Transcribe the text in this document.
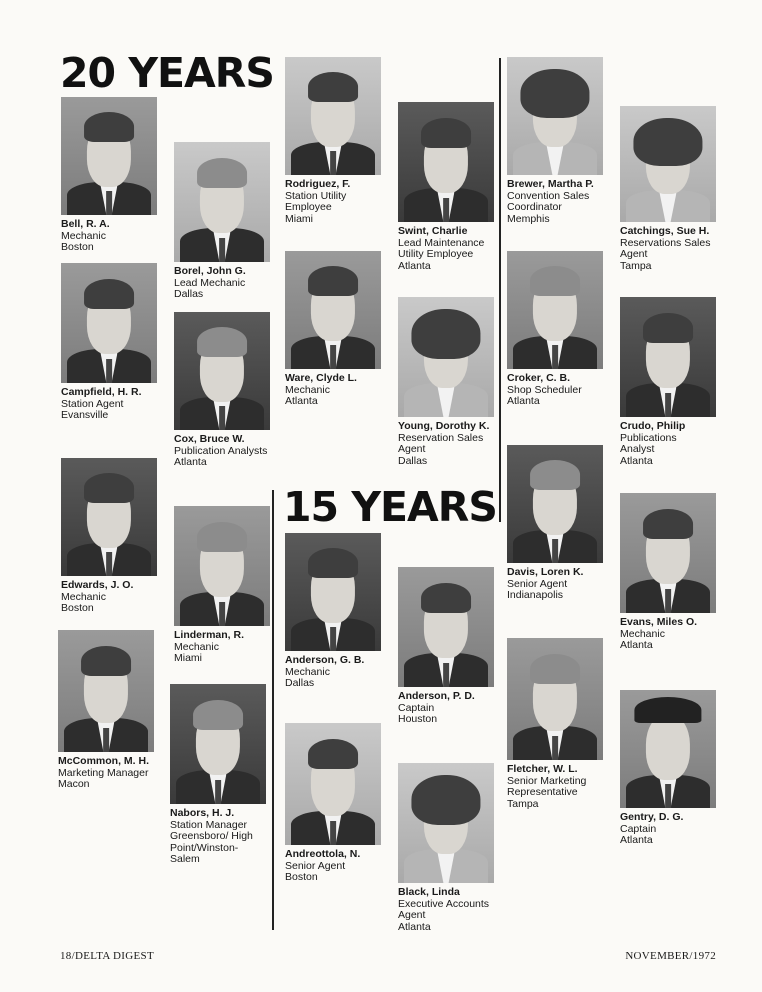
20 YEARS
15 YEARS
Bell, R. A.
Mechanic
Boston
Borel, John G.
Lead Mechanic
Dallas
Rodriguez, F.
Station Utility
Employee
Miami
Swint, Charlie
Lead Maintenance
Utility Employee
Atlanta
Brewer, Martha P.
Convention Sales
Coordinator
Memphis
Catchings, Sue H.
Reservations Sales
Agent
Tampa
Campfield, H. R.
Station Agent
Evansville
Cox, Bruce W.
Publication Analysts
Atlanta
Ware, Clyde L.
Mechanic
Atlanta
Young, Dorothy K.
Reservation Sales
Agent
Dallas
Croker, C. B.
Shop Scheduler
Atlanta
Crudo, Philip
Publications
Analyst
Atlanta
Edwards, J. O.
Mechanic
Boston
Linderman, R.
Mechanic
Miami	Anderson, G. B.
Mechanic
Dallas
Anderson, P. D.
Captain
Houston
Davis, Loren K.
Senior Agent
Indianapolis
Evans, Miles O.
Mechanic
Atlanta
McCommon, M. H.
Marketing Manager
Macon
Nabors, H. J.
Station Manager
Greensboro/ High
Point/Winston-
Salem	Andreottola, N.
Senior Agent
Boston
Black, Linda
Executive Accounts
Agent
Atlanta
Fletcher, W. L.
Senior Marketing
Representative
Tampa
Gentry, D. G.
Captain
Atlanta
18/DELTA DIGEST	NOVEMBER/1972
